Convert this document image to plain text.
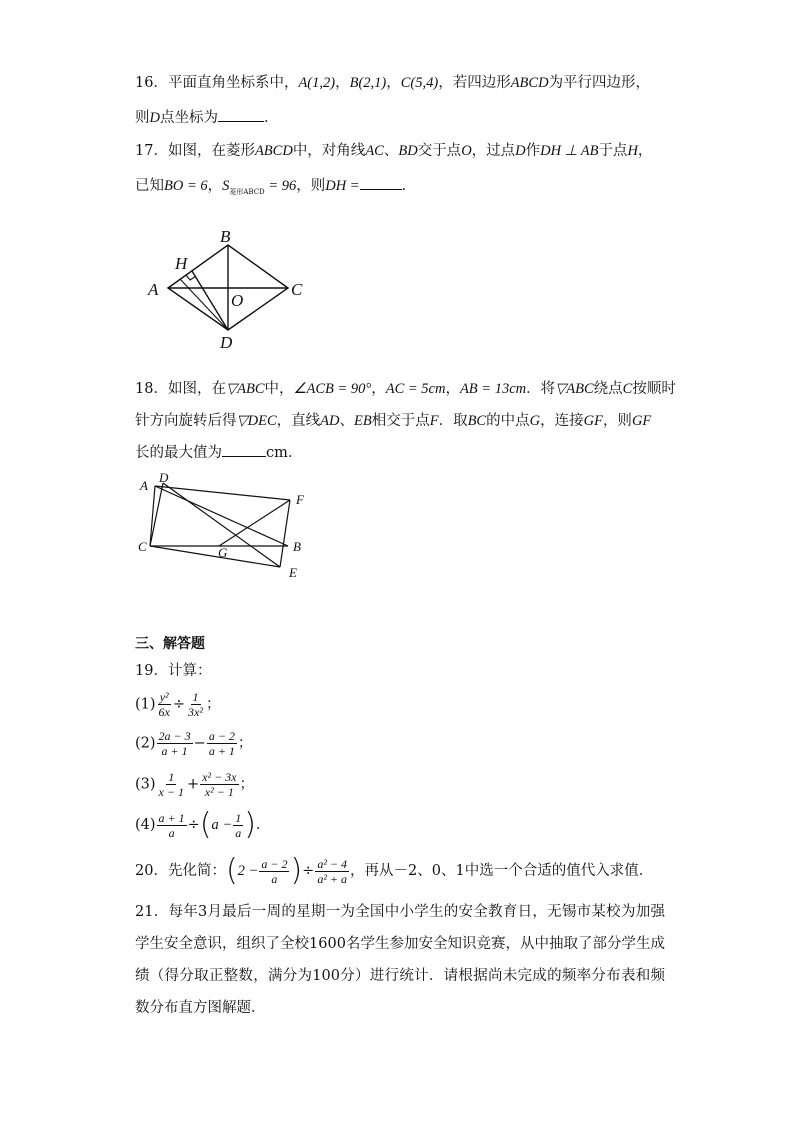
16．平面直角坐标系中，A(1,2)，B(2,1)，C(5,4)，若四边形ABCD为平行四边形，
则D点坐标为	．
17．如图，在菱形ABCD中，对角线AC、BD交于点O，过点D作DH ⊥ AB于点H，
已知BO = 6，$S_{菱形ABCD} = 96$，则DH =	．
A
B
C
D
H
O
18．如图，在▽ABC中，∠ACB = 90°，AC = 5cm，AB = 13cm．将▽ABC绕点C按顺时
针方向旋转后得▽DEC，直线AD、EB相交于点F．取BC的中点G，连接GF，则GF
长的最大值为	cm．
A
D
F
C	G	B
E
三、解答题
19．计算：
$(1) \frac{\text{y²}}{6x} \div \frac{1}{\text{3x²}}$ ；
$(2) \frac{2a - 3}{a + 1} - \frac{a - 2}{a + 1}$ ；
$(3) \frac{1}{x - 1} + \frac{\text{x² − 3x}}{\text{x² − 1}}$ ；
$(4) \frac{a + 1}{a} \div(a - \frac{1}{a}$ )．
20．先化简：($2 - \frac{a - 2}{a}$ )÷ $\frac{\text{a² − 4}}{\text{a² + a}}$ ，再从－2、0、1中选一个合适的值代入求值．
21．每年3月最后一周的星期一为全国中小学生的安全教育日，无锡市某校为加强学生安全意识，组织了全校1600名学生参加安全知识竞赛，从中抽取了部分学生成绩（得分取正整数，满分为100分）进行统计．请根据尚未完成的频率分布表和频数分布直方图解题．
